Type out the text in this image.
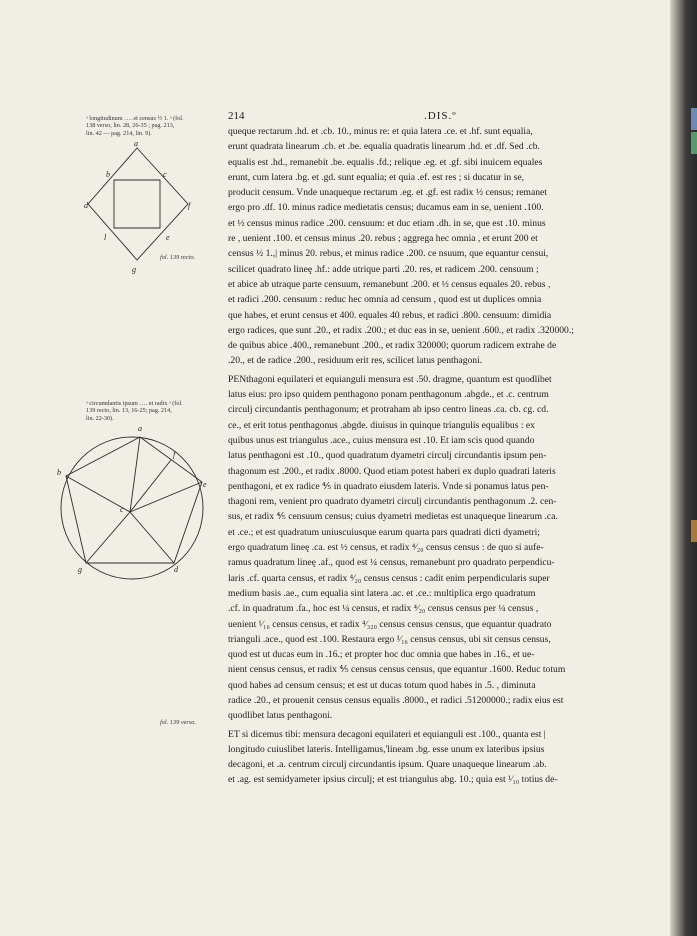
214	.DIS.º
ᵃ longitudinum …. et census ½ 1. ᵃ (fol.
138 verso, lin. 28, 26-35 ; pag. 213,
lin. 42 — pag. 214, lin. 9).
ᵃ circumdantis ipsum …. et radix ᵃ (fol.
139 recto, lin. 13, 16-25; pag. 214,
lin. 22-30).
a
b	c
d
e
f
g
l
fol. 139 recto.
a
b
c
d
e
f
g
fol. 139 verso.
queque rectarum .hd. et .cb. 10., minus re: et quia latera .ce. et .hf. sunt equalia,
erunt quadrata linearum .cb. et .be. equalia quadratis linearum .hd. et .df. Sed .cb.
equalis est .hd., remanebit .be. equalis .fd.; relique .eg. et .gf. sibi inuicem equales
erunt, cum latera .bg. et .gd. sunt equalia; et quia .ef. est res ; si ducatur in se,
producit censum. Vnde unaqueque rectarum .eg. et .gf. est radix ½ census; remanet
ergo pro .df. 10. minus radice medietatis census; ducamus eam in se, uenient .100.
et ½ census minus radice .200. censuum: et duc etiam .dh. in se, que est .10. minus
re , uenient .100. et census minus .20. rebus ; aggrega hec omnia , et erunt 200 et
census ½ 1.,| minus 20. rebus, et minus radice .200. ce nsuum, que equantur censui,
scilicet quadrato lineę .hf.: adde utrique parti .20. res, et radicem .200. censuum ;
et abice ab utraque parte censuum, remanebunt .200. et ½ census equales 20. rebus ,
et radici .200. censuum : reduc hec omnia ad censum , quod est ut duplices omnia
que habes, et erunt census et 400. equales 40 rebus, et radici .800. censuum: dimidia
ergo radices, que sunt .20., et radix .200.; et duc eas in se, uenient .600., et radix .320000.;
de quibus abice .400., remanebunt .200., et radix 320000; quorum radicem extrahe de
.20., et de radice .200., residuum erit res, scilicet latus penthagoni.
PENthagoni equilateri et equianguli mensura est .50. dragme, quantum est quodlibet
latus eius: pro ipso quidem penthagono ponam penthagonum .abgde., et .c. centrum
circulj circundantis penthagonum; et protraham ab ipso centro lineas .ca. cb. cg. cd.
ce., et erit totus penthagonus .abgde. diuisus in quinque triangulis equalibus : ex
quibus unus est triangulus .ace., cuius mensura est .10. Et iam scis quod quando
latus penthagoni est .10., quod quadratum dyametri circulj circundantis ipsum pen-
thagonum est .200., et radix .8000. Quod etiam potest haberi ex duplo quadrati lateris
penthagoni, et ex radice ⅘ in quadrato eiusdem lateris. Vnde si ponamus latus pen-
thagoni rem, venient pro quadrato dyametri circulj circundantis penthagonum .2. cen-
sus, et radix ⅘ censuum census; cuius dyametri medietas est unaqueque linearum .ca.
et .ce.; et est quadratum uniuscuiusque earum quarta pars quadrati dicti dyametri;
ergo quadratum lineę .ca. est ½ census, et radix ⁴⁄₂₀ census census : de quo si aufe-
ramus quadratum lineę .af., quod est ¼ census, remanebunt pro quadrato perpendicu-
laris .cf. quarta census, et radix ⁴⁄₂₀ census census : cadit enim perpendicularis super
medium basis .ae., cum equalia sint latera .ac. et .ce.: multiplica ergo quadratum
.cf. in quadratum .fa., hoc est ¼ census, et radix ⁴⁄₂₀ census census per ¼ census ,
uenient ¹⁄₁₆ census census, et radix ⁴⁄₃₂₀ census census census, que equantur quadrato
trianguli .ace., quod est .100. Restaura ergo ¹⁄₁₆ census census, ubi sit census census,
quod est ut ducas eum in .16.; et propter hoc duc omnia que habes in .16., et ue-
nient census census, et radix ⅘ census census census, que equantur .1600. Reduc totum
quod habes ad censum census; et est ut ducas totum quod habes in .5. , diminuta
radice .20., et prouenit census census equalis .8000., et radici .51200000.; radix eius est
quodlibet latus penthagoni.
ET si dicemus tibi: mensura decagoni equilateri et equianguli est .100., quanta est |
longitudo cuiuslibet lateris. Intelligamus,'lineam .bg. esse unum ex lateribus ipsius
decagoni, et .a. centrum circulj circundantis ipsum. Quare unaqueque linearum .ab.
et .ag. est semidyameter ipsius circulj; et est triangulus abg. 10.; quia est ¹⁄₁₀ totius de-
